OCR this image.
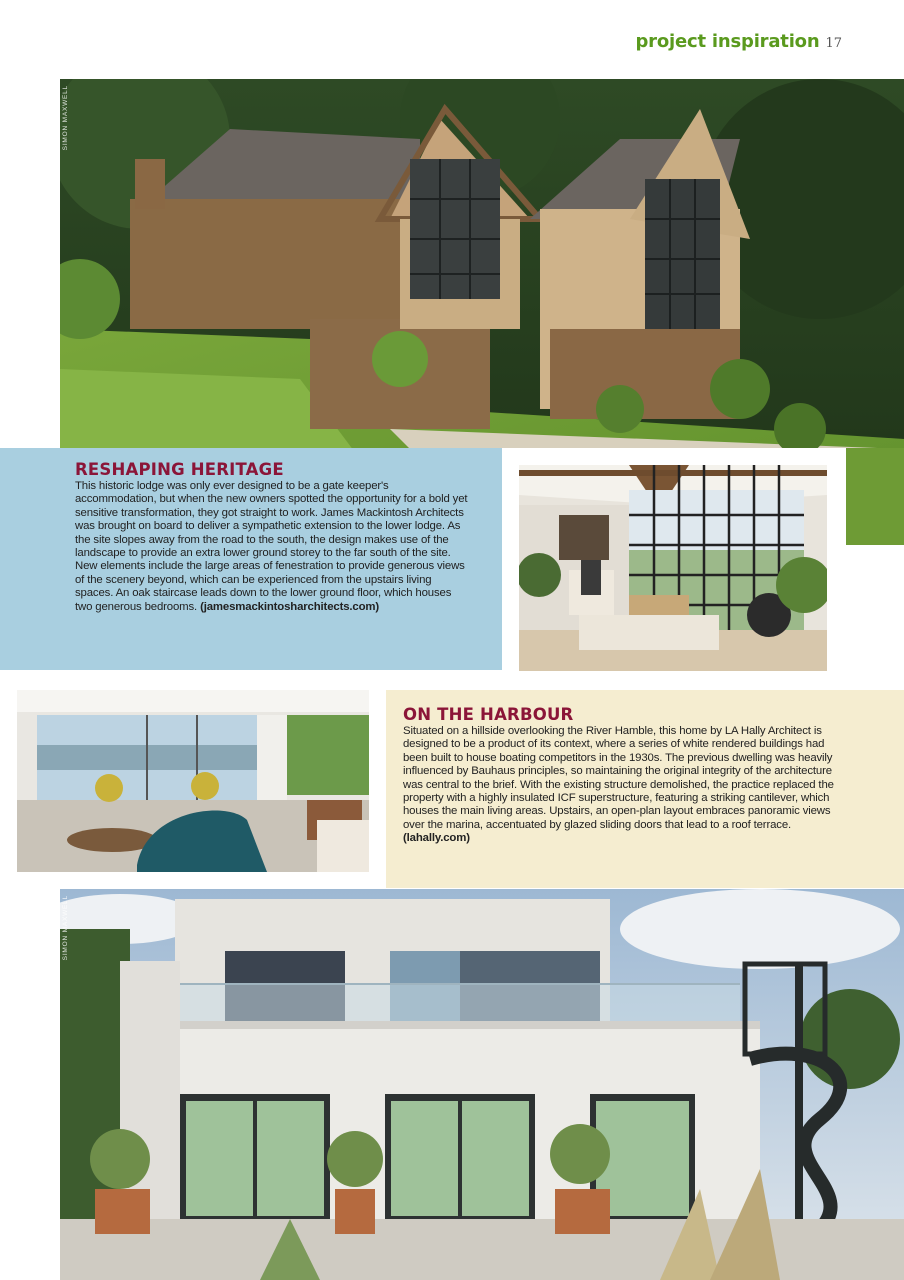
project inspiration 17
SIMON MAXWELL
RESHAPING HERITAGE
This historic lodge was only ever designed to be a gate keeper's accommodation, but when the new owners spotted the opportunity for a bold yet sensitive transformation, they got straight to work. James Mackintosh Architects was brought on board to deliver a sympathetic extension to the lower lodge. As the site slopes away from the road to the south, the design makes use of the landscape to provide an extra lower ground storey to the far south of the site. New elements include the large areas of fenestration to provide generous views of the scenery beyond, which can be experienced from the upstairs living spaces. An oak staircase leads down to the lower ground floor, which houses two generous bedrooms. (jamesmackintosharchitects.com)
ON THE HARBOUR
Situated on a hillside overlooking the River Hamble, this home by LA Hally Architect is designed to be a product of its context, where a series of white rendered buildings had been built to house boating competitors in the 1930s. The previous dwelling was heavily influenced by Bauhaus principles, so maintaining the original integrity of the architecture was central to the brief. With the existing structure demolished, the practice replaced the property with a highly insulated ICF superstructure, featuring a striking cantilever, which houses the main living areas. Upstairs, an open-plan layout embraces panoramic views over the marina, accentuated by glazed sliding doors that lead to a roof terrace. (lahally.com)
SIMON MAXWELL
